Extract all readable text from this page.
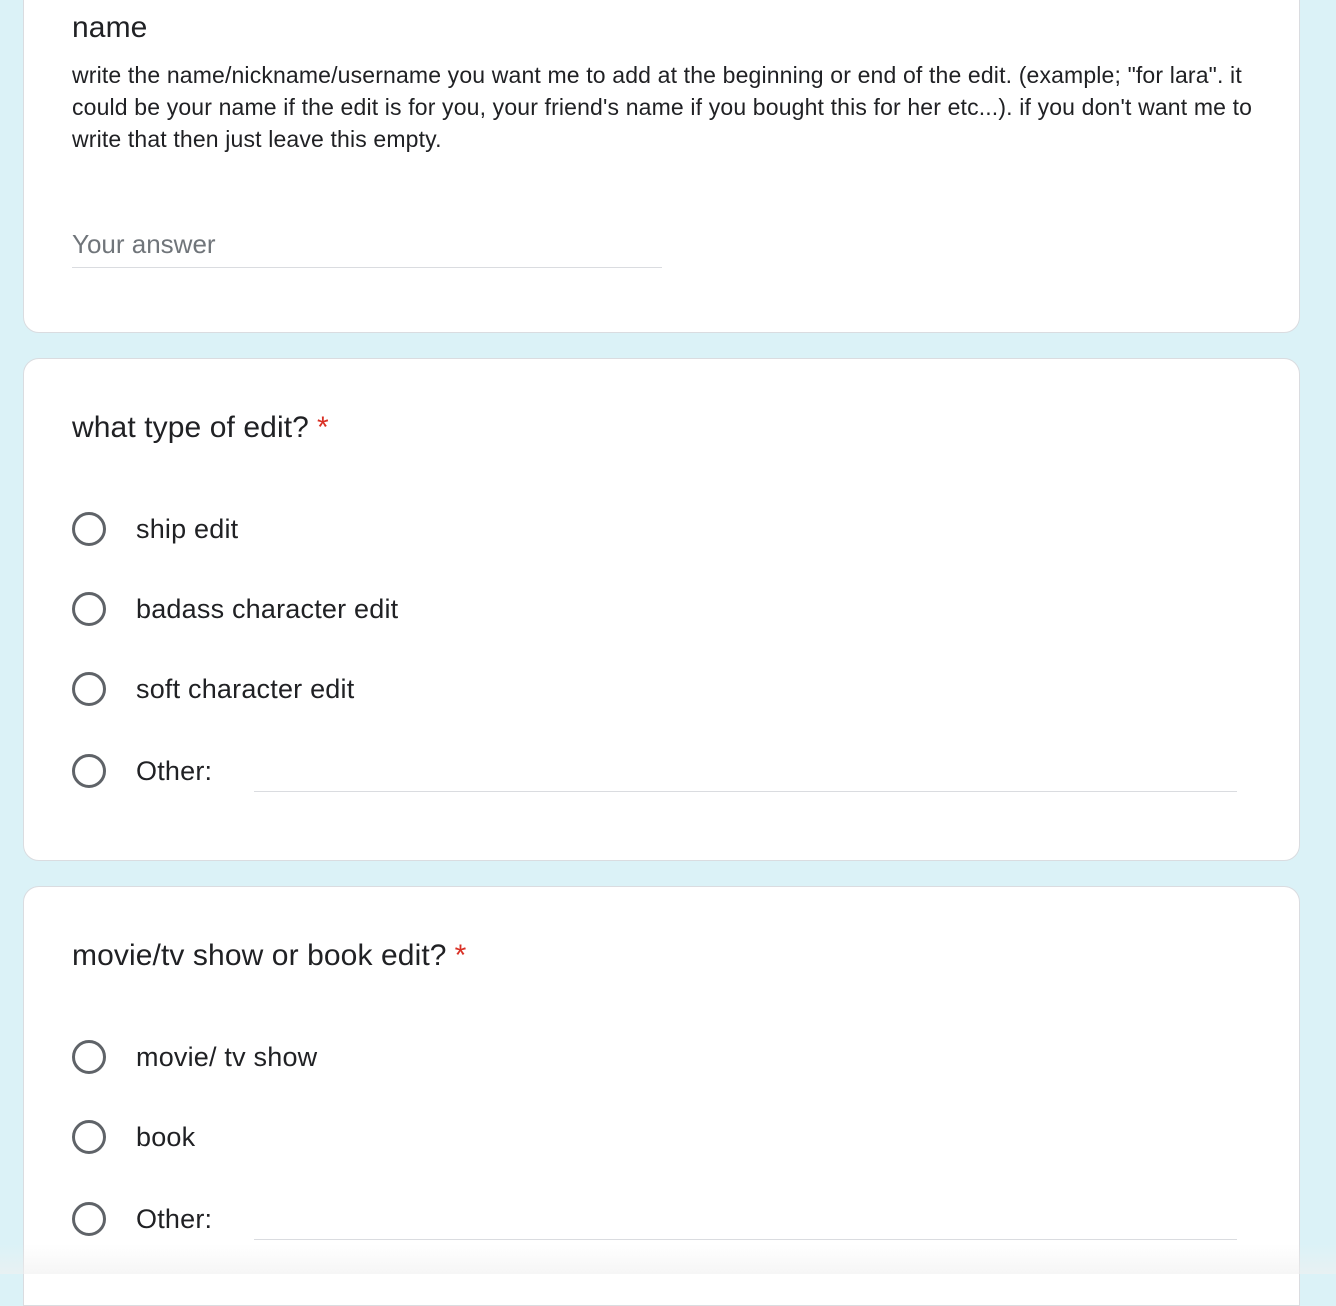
name
write the name/nickname/username you want me to add at the beginning or end of the edit. (example; "for lara". it could be your name if the edit is for you, your friend's name if you bought this for her etc...). if you don't want me to write that then just leave this empty.
Your answer
what type of edit? *
ship edit
badass character edit
soft character edit
Other:
movie/tv show or book edit? *
movie/ tv show
book
Other:
